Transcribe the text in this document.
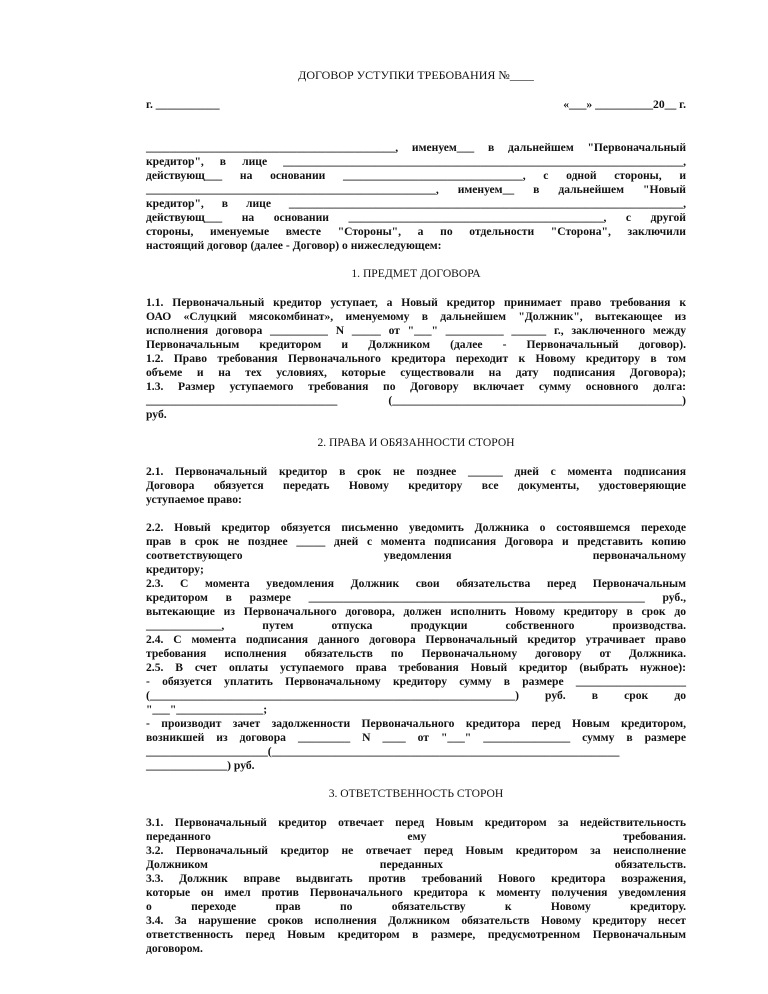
ДОГОВОР УСТУПКИ ТРЕБОВАНИЯ №____
г. ___________	«___» __________20__ г.
___________________________________________, именуем___ в дальнейшем "Первоначальный
кредитор", в лице _____________________________________________________________________,
действующ___ на основании _______________________________, с одной стороны, и
__________________________________________________, именуем__ в дальнейшем "Новый
кредитор", в лице ____________________________________________________________________,
действующ___ на основании ____________________________________________, с другой
стороны, именуемые вместе "Стороны", а по отдельности "Сторона", заключили
настоящий договор (далее - Договор) о нижеследующем:
1. ПРЕДМЕТ ДОГОВОРА
1.1. Первоначальный кредитор уступает, а Новый кредитор принимает право требования к
ОАО «Слуцкий мясокомбинат», именуемому в дальнейшем "Должник", вытекающее из
исполнения договора __________ N _____ от "___" __________ ______ г., заключенного между
Первоначальным кредитором и Должником (далее - Первоначальный договор).
1.2. Право требования Первоначального кредитора переходит к Новому кредитору в том
объеме и на тех условиях, которые существовали на дату подписания Договора);
1.3. Размер уступаемого требования по Договору включает сумму основного долга:
_________________________________ (__________________________________________________)
руб.
2. ПРАВА И ОБЯЗАННОСТИ СТОРОН
2.1. Первоначальный кредитор в срок не позднее ______ дней с момента подписания
Договора обязуется передать Новому кредитору все документы, удостоверяющие
уступаемое право:
2.2. Новый кредитор обязуется письменно уведомить Должника о состоявшемся переходе
прав в срок не позднее _____ дней с момента подписания Договора и представить копию
соответствующего уведомления первоначальному
кредитору;
2.3. С момента уведомления Должник свои обязательства перед Первоначальным
кредитором в размере __________________________________________________________ руб.,
вытекающие из Первоначального договора, должен исполнить Новому кредитору в срок до
_____________, путем отпуска продукции собственного производства.
2.4. С момента подписания данного договора Первоначальный кредитор утрачивает право
требования исполнения обязательств по Первоначальному договору от Должника.
2.5. В счет оплаты уступаемого права требования Новый кредитор (выбрать нужное):
- обязуется уплатить Первоначальному кредитору сумму в размере ___________________
(_______________________________________________________________) руб. в срок до
"___"_______________;
- производит зачет задолженности Первоначального кредитора перед Новым кредитором,
возникшей из договора _________ N ____ от "___" _______________ сумму в размере
_____________________(____________________________________________________________
______________) руб.
3. ОТВЕТСТВЕННОСТЬ СТОРОН
3.1. Первоначальный кредитор отвечает перед Новым кредитором за недействительность
переданного ему требования.
3.2. Первоначальный кредитор не отвечает перед Новым кредитором за неисполнение
Должником переданных обязательств.
3.3. Должник вправе выдвигать против требований Нового кредитора возражения,
которые он имел против Первоначального кредитора к моменту получения уведомления
о переходе прав по обязательству к Новому кредитору.
3.4. За нарушение сроков исполнения Должником обязательств Новому кредитору несет
ответственность перед Новым кредитором в размере, предусмотренном Первоначальным
договором.
